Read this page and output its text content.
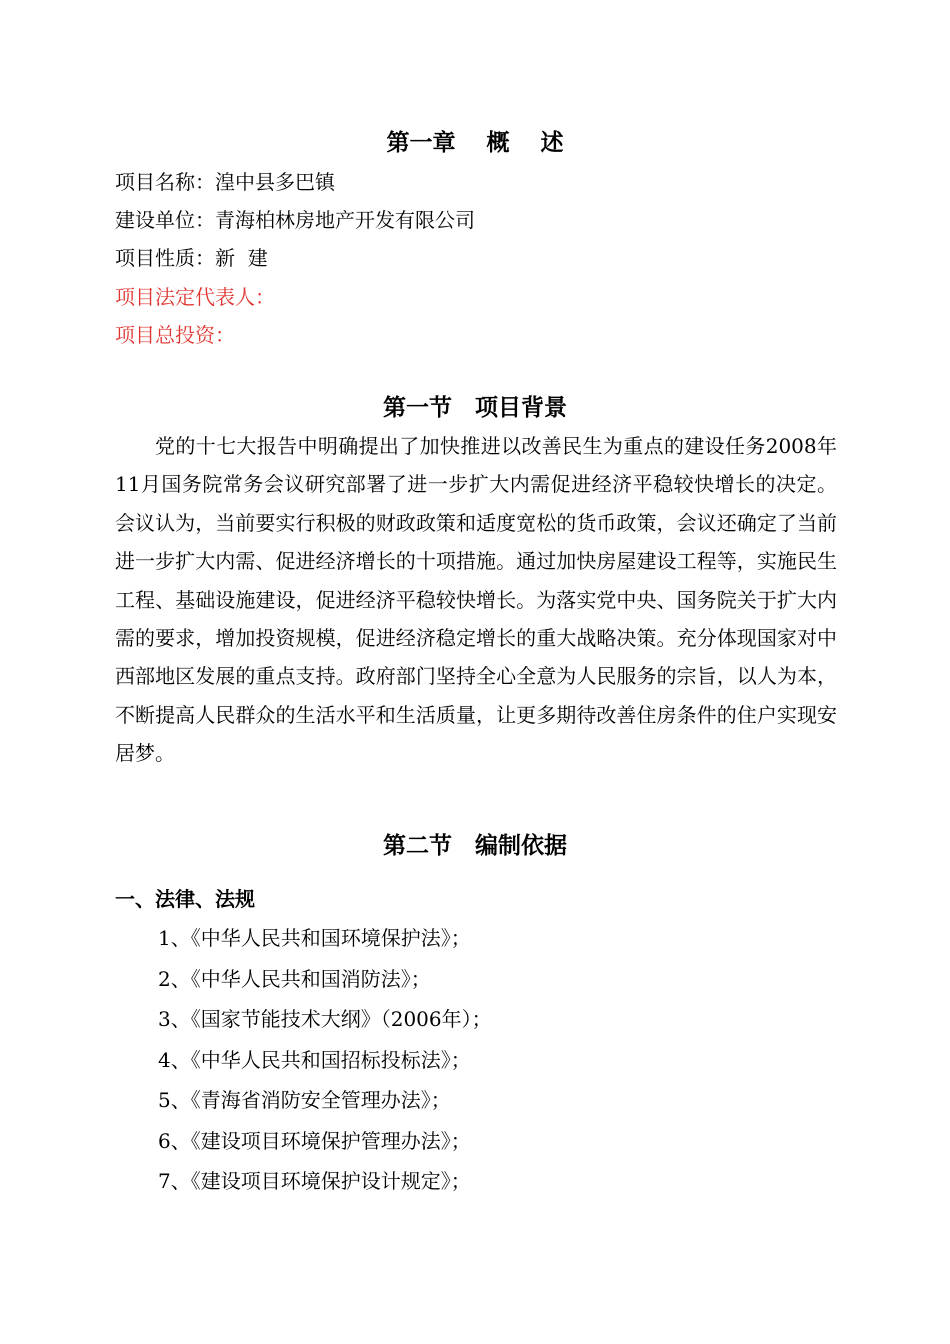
第一章　 概　 述
项目名称：湟中县多巴镇
建设单位：青海柏林房地产开发有限公司
项目性质：新  建
项目法定代表人：
项目总投资：
第一节　项目背景
党的十七大报告中明确提出了加快推进以改善民生为重点的建设任务2008年11月国务院常务会议研究部署了进一步扩大内需促进经济平稳较快增长的决定。会议认为，当前要实行积极的财政政策和适度宽松的货币政策，会议还确定了当前进一步扩大内需、促进经济增长的十项措施。通过加快房屋建设工程等，实施民生工程、基础设施建设，促进经济平稳较快增长。为落实党中央、国务院关于扩大内需的要求，增加投资规模，促进经济稳定增长的重大战略决策。充分体现国家对中西部地区发展的重点支持。政府部门坚持全心全意为人民服务的宗旨，以人为本，不断提高人民群众的生活水平和生活质量，让更多期待改善住房条件的住户实现安居梦。
第二节　编制依据
一、法律、法规
1、《中华人民共和国环境保护法》；
2、《中华人民共和国消防法》；
3、《国家节能技术大纲》（2006年）；
4、《中华人民共和国招标投标法》；
5、《青海省消防安全管理办法》；
6、《建设项目环境保护管理办法》；
7、《建设项目环境保护设计规定》；
